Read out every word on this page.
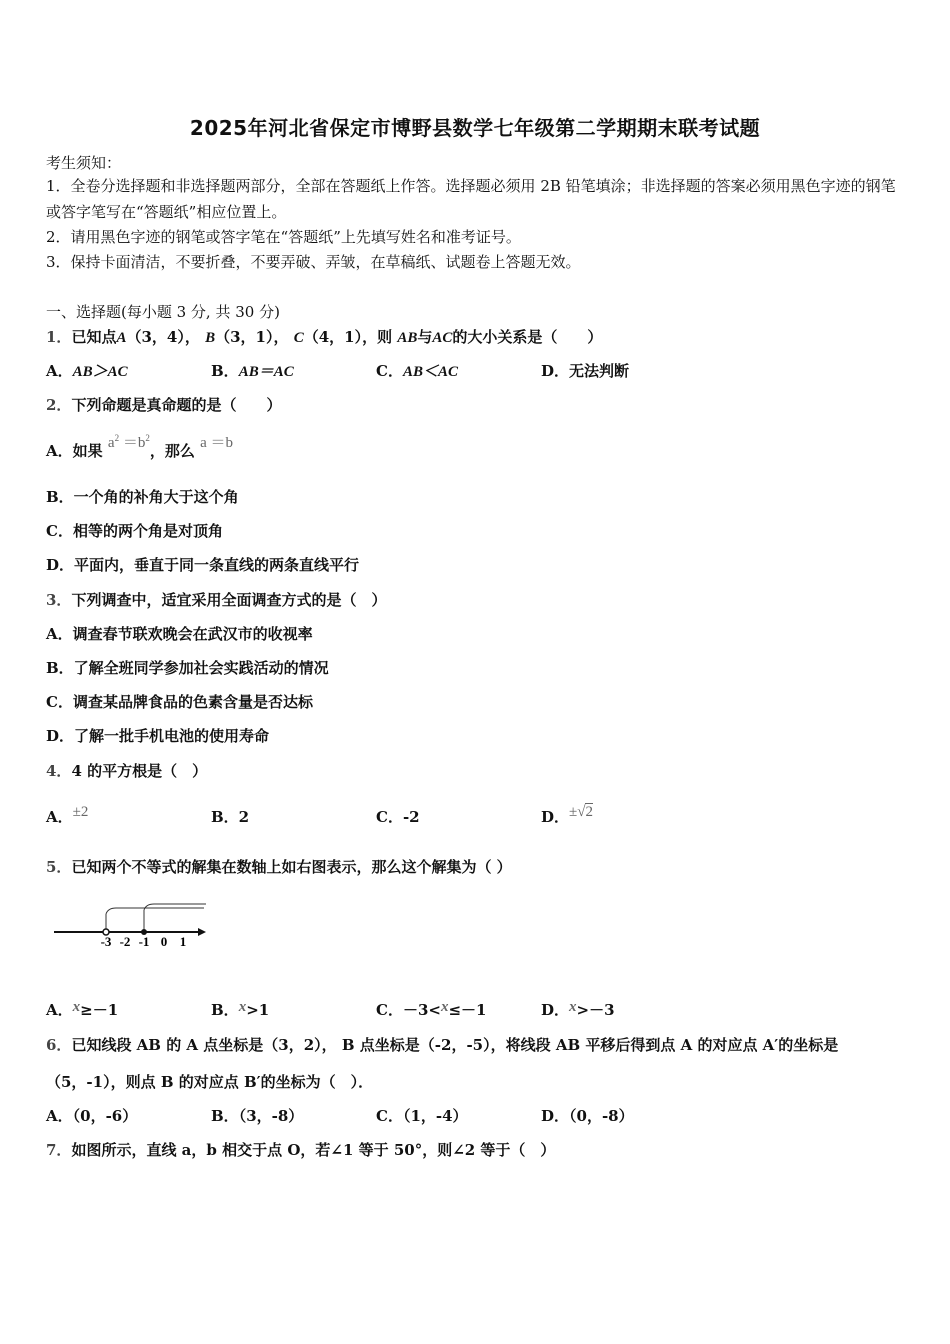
2025年河北省保定市博野县数学七年级第二学期期末联考试题
考生须知：
1．全卷分选择题和非选择题两部分，全部在答题纸上作答。选择题必须用 2B 铅笔填涂；非选择题的答案必须用黑色字迹的钢笔或答字笔写在“答题纸”相应位置上。
2．请用黑色字迹的钢笔或答字笔在“答题纸”上先填写姓名和准考证号。
3．保持卡面清洁，不要折叠，不要弄破、弄皱，在草稿纸、试题卷上答题无效。
一、选择题(每小题 3 分, 共 30 分)
1．已知点A（3，4）， B（3，1）， C（4，1），则 AB与AC的大小关系是（　　）
A．AB＞AC	B．AB＝AC	C．AB＜AC	D．无法判断
2．下列命题是真命题的是（　　）
A．如果 $a^2 =b^2$，那么 a ＝b
B．一个角的补角大于这个角
C．相等的两个角是对顶角
D．平面内，垂直于同一条直线的两条直线平行
3．下列调查中，适宜采用全面调查方式的是（　）
A．调查春节联欢晚会在武汉市的收视率
B．了解全班同学参加社会实践活动的情况
C．调查某品牌食品的色素含量是否达标
D．了解一批手机电池的使用寿命
4．4 的平方根是（　）
A．±2	B．2	C．-2	D．±√2
5．已知两个不等式的解集在数轴上如右图表示，那么这个解集为（ ）
-3 -2 -1 0 1
A．x≥－1	B．x>1	C．－3<x≤－1	D．x>－3
6．已知线段 AB 的 A 点坐标是（3，2）， B 点坐标是（-2，-5），将线段 AB 平移后得到点 A 的对应点 A′的坐标是
（5，-1），则点 B 的对应点 B′的坐标为（　）．
A．（0，-6）	B．（3，-8）	C．（1，-4）	D．（0，-8）
7．如图所示，直线 a，b 相交于点 O，若∠1 等于 50°，则∠2 等于（　）
